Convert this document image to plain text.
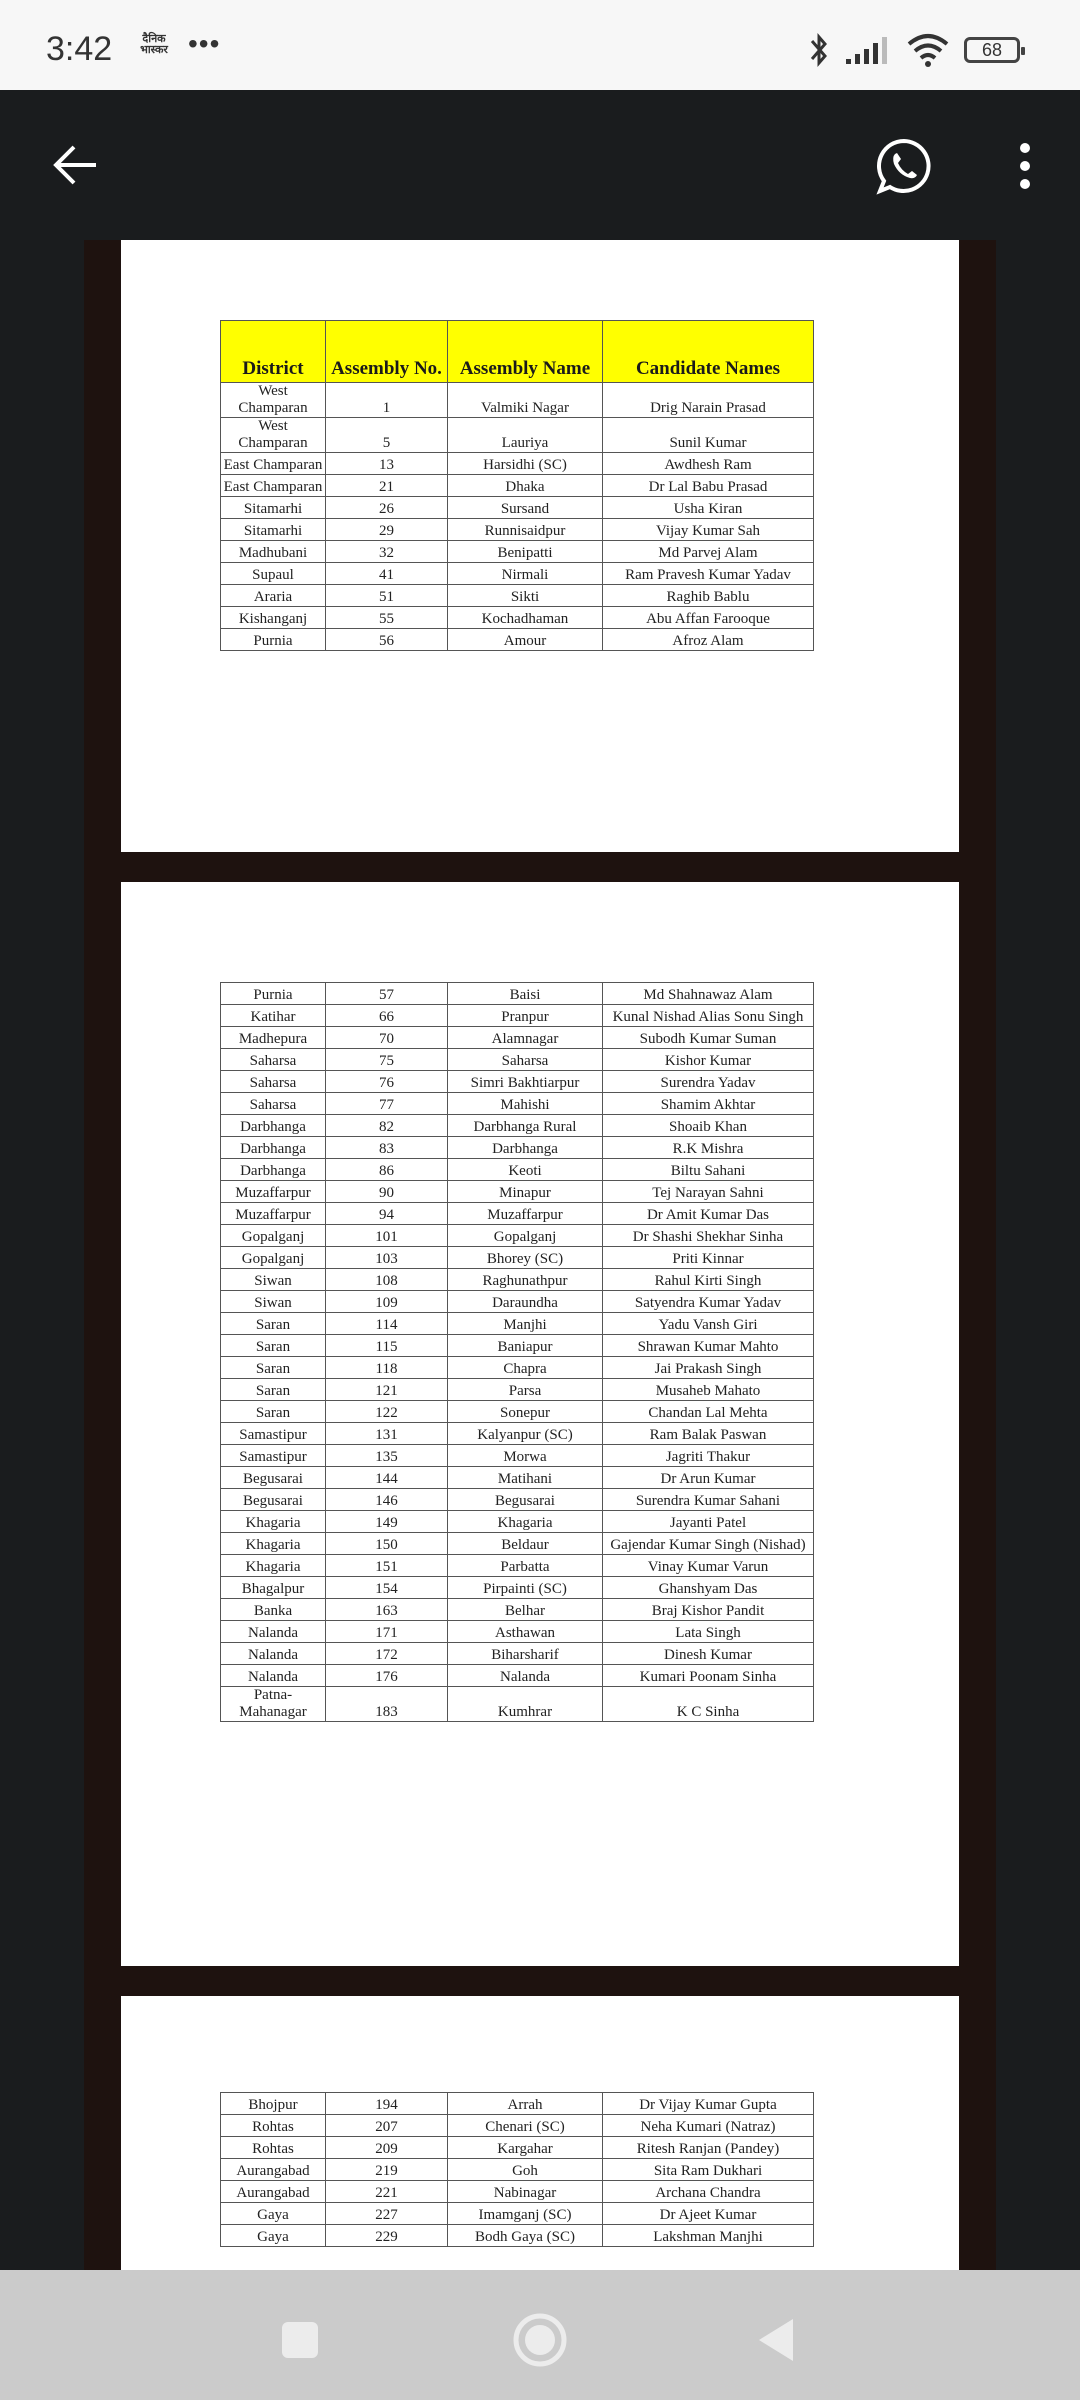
3:42	दैनिक भास्कर •••	68
District	Assembly No.	Assembly Name	Candidate Names
West Champaran	1	Valmiki Nagar	Drig Narain Prasad
West Champaran	5	Lauriya	Sunil Kumar
East Champaran	13	Harsidhi (SC)	Awdhesh Ram
East Champaran	21	Dhaka	Dr Lal Babu Prasad
Sitamarhi	26	Sursand	Usha Kiran
Sitamarhi	29	Runnisaidpur	Vijay Kumar Sah
Madhubani	32	Benipatti	Md Parvej Alam
Supaul	41	Nirmali	Ram Pravesh Kumar Yadav
Araria	51	Sikti	Raghib Bablu
Kishanganj	55	Kochadhaman	Abu Affan Farooque
Purnia	56	Amour	Afroz Alam
Purnia	57	Baisi	Md Shahnawaz Alam
Katihar	66	Pranpur	Kunal Nishad Alias Sonu Singh
Madhepura	70	Alamnagar	Subodh Kumar Suman
Saharsa	75	Saharsa	Kishor Kumar
Saharsa	76	Simri Bakhtiarpur	Surendra Yadav
Saharsa	77	Mahishi	Shamim Akhtar
Darbhanga	82	Darbhanga Rural	Shoaib Khan
Darbhanga	83	Darbhanga	R.K Mishra
Darbhanga	86	Keoti	Biltu Sahani
Muzaffarpur	90	Minapur	Tej Narayan Sahni
Muzaffarpur	94	Muzaffarpur	Dr Amit Kumar Das
Gopalganj	101	Gopalganj	Dr Shashi Shekhar Sinha
Gopalganj	103	Bhorey (SC)	Priti Kinnar
Siwan	108	Raghunathpur	Rahul Kirti Singh
Siwan	109	Daraundha	Satyendra Kumar Yadav
Saran	114	Manjhi	Yadu Vansh Giri
Saran	115	Baniapur	Shrawan Kumar Mahto
Saran	118	Chapra	Jai Prakash Singh
Saran	121	Parsa	Musaheb Mahato
Saran	122	Sonepur	Chandan Lal Mehta
Samastipur	131	Kalyanpur (SC)	Ram Balak Paswan
Samastipur	135	Morwa	Jagriti Thakur
Begusarai	144	Matihani	Dr Arun Kumar
Begusarai	146	Begusarai	Surendra Kumar Sahani
Khagaria	149	Khagaria	Jayanti Patel
Khagaria	150	Beldaur	Gajendar Kumar Singh (Nishad)
Khagaria	151	Parbatta	Vinay Kumar Varun
Bhagalpur	154	Pirpainti (SC)	Ghanshyam Das
Banka	163	Belhar	Braj Kishor Pandit
Nalanda	171	Asthawan	Lata Singh
Nalanda	172	Biharsharif	Dinesh Kumar
Nalanda	176	Nalanda	Kumari Poonam Sinha
Patna-Mahanagar	183	Kumhrar	K C Sinha
Bhojpur	194	Arrah	Dr Vijay Kumar Gupta
Rohtas	207	Chenari (SC)	Neha Kumari (Natraz)
Rohtas	209	Kargahar	Ritesh Ranjan (Pandey)
Aurangabad	219	Goh	Sita Ram Dukhari
Aurangabad	221	Nabinagar	Archana Chandra
Gaya	227	Imamganj (SC)	Dr Ajeet Kumar
Gaya	229	Bodh Gaya (SC)	Lakshman Manjhi
